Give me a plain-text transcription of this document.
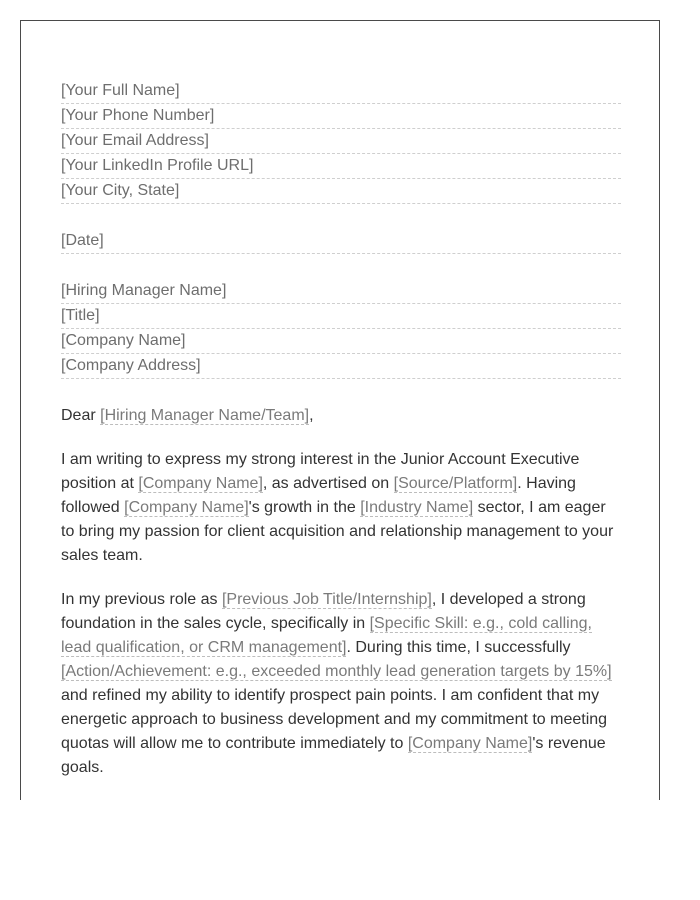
[Your Full Name]
[Your Phone Number]
[Your Email Address]
[Your LinkedIn Profile URL]
[Your City, State]
[Date]
[Hiring Manager Name]
[Title]
[Company Name]
[Company Address]
Dear [Hiring Manager Name/Team],

I am writing to express my strong interest in the Junior Account Executive position at [Company Name], as advertised on [Source/Platform]. Having followed [Company Name]'s growth in the [Industry Name] sector, I am eager to bring my passion for client acquisition and relationship management to your sales team.

In my previous role as [Previous Job Title/Internship], I developed a strong foundation in the sales cycle, specifically in [Specific Skill: e.g., cold calling, lead qualification, or CRM management]. During this time, I successfully [Action/Achievement: e.g., exceeded monthly lead generation targets by 15%] and refined my ability to identify prospect pain points. I am confident that my energetic approach to business development and my commitment to meeting quotas will allow me to contribute immediately to [Company Name]'s revenue goals.
